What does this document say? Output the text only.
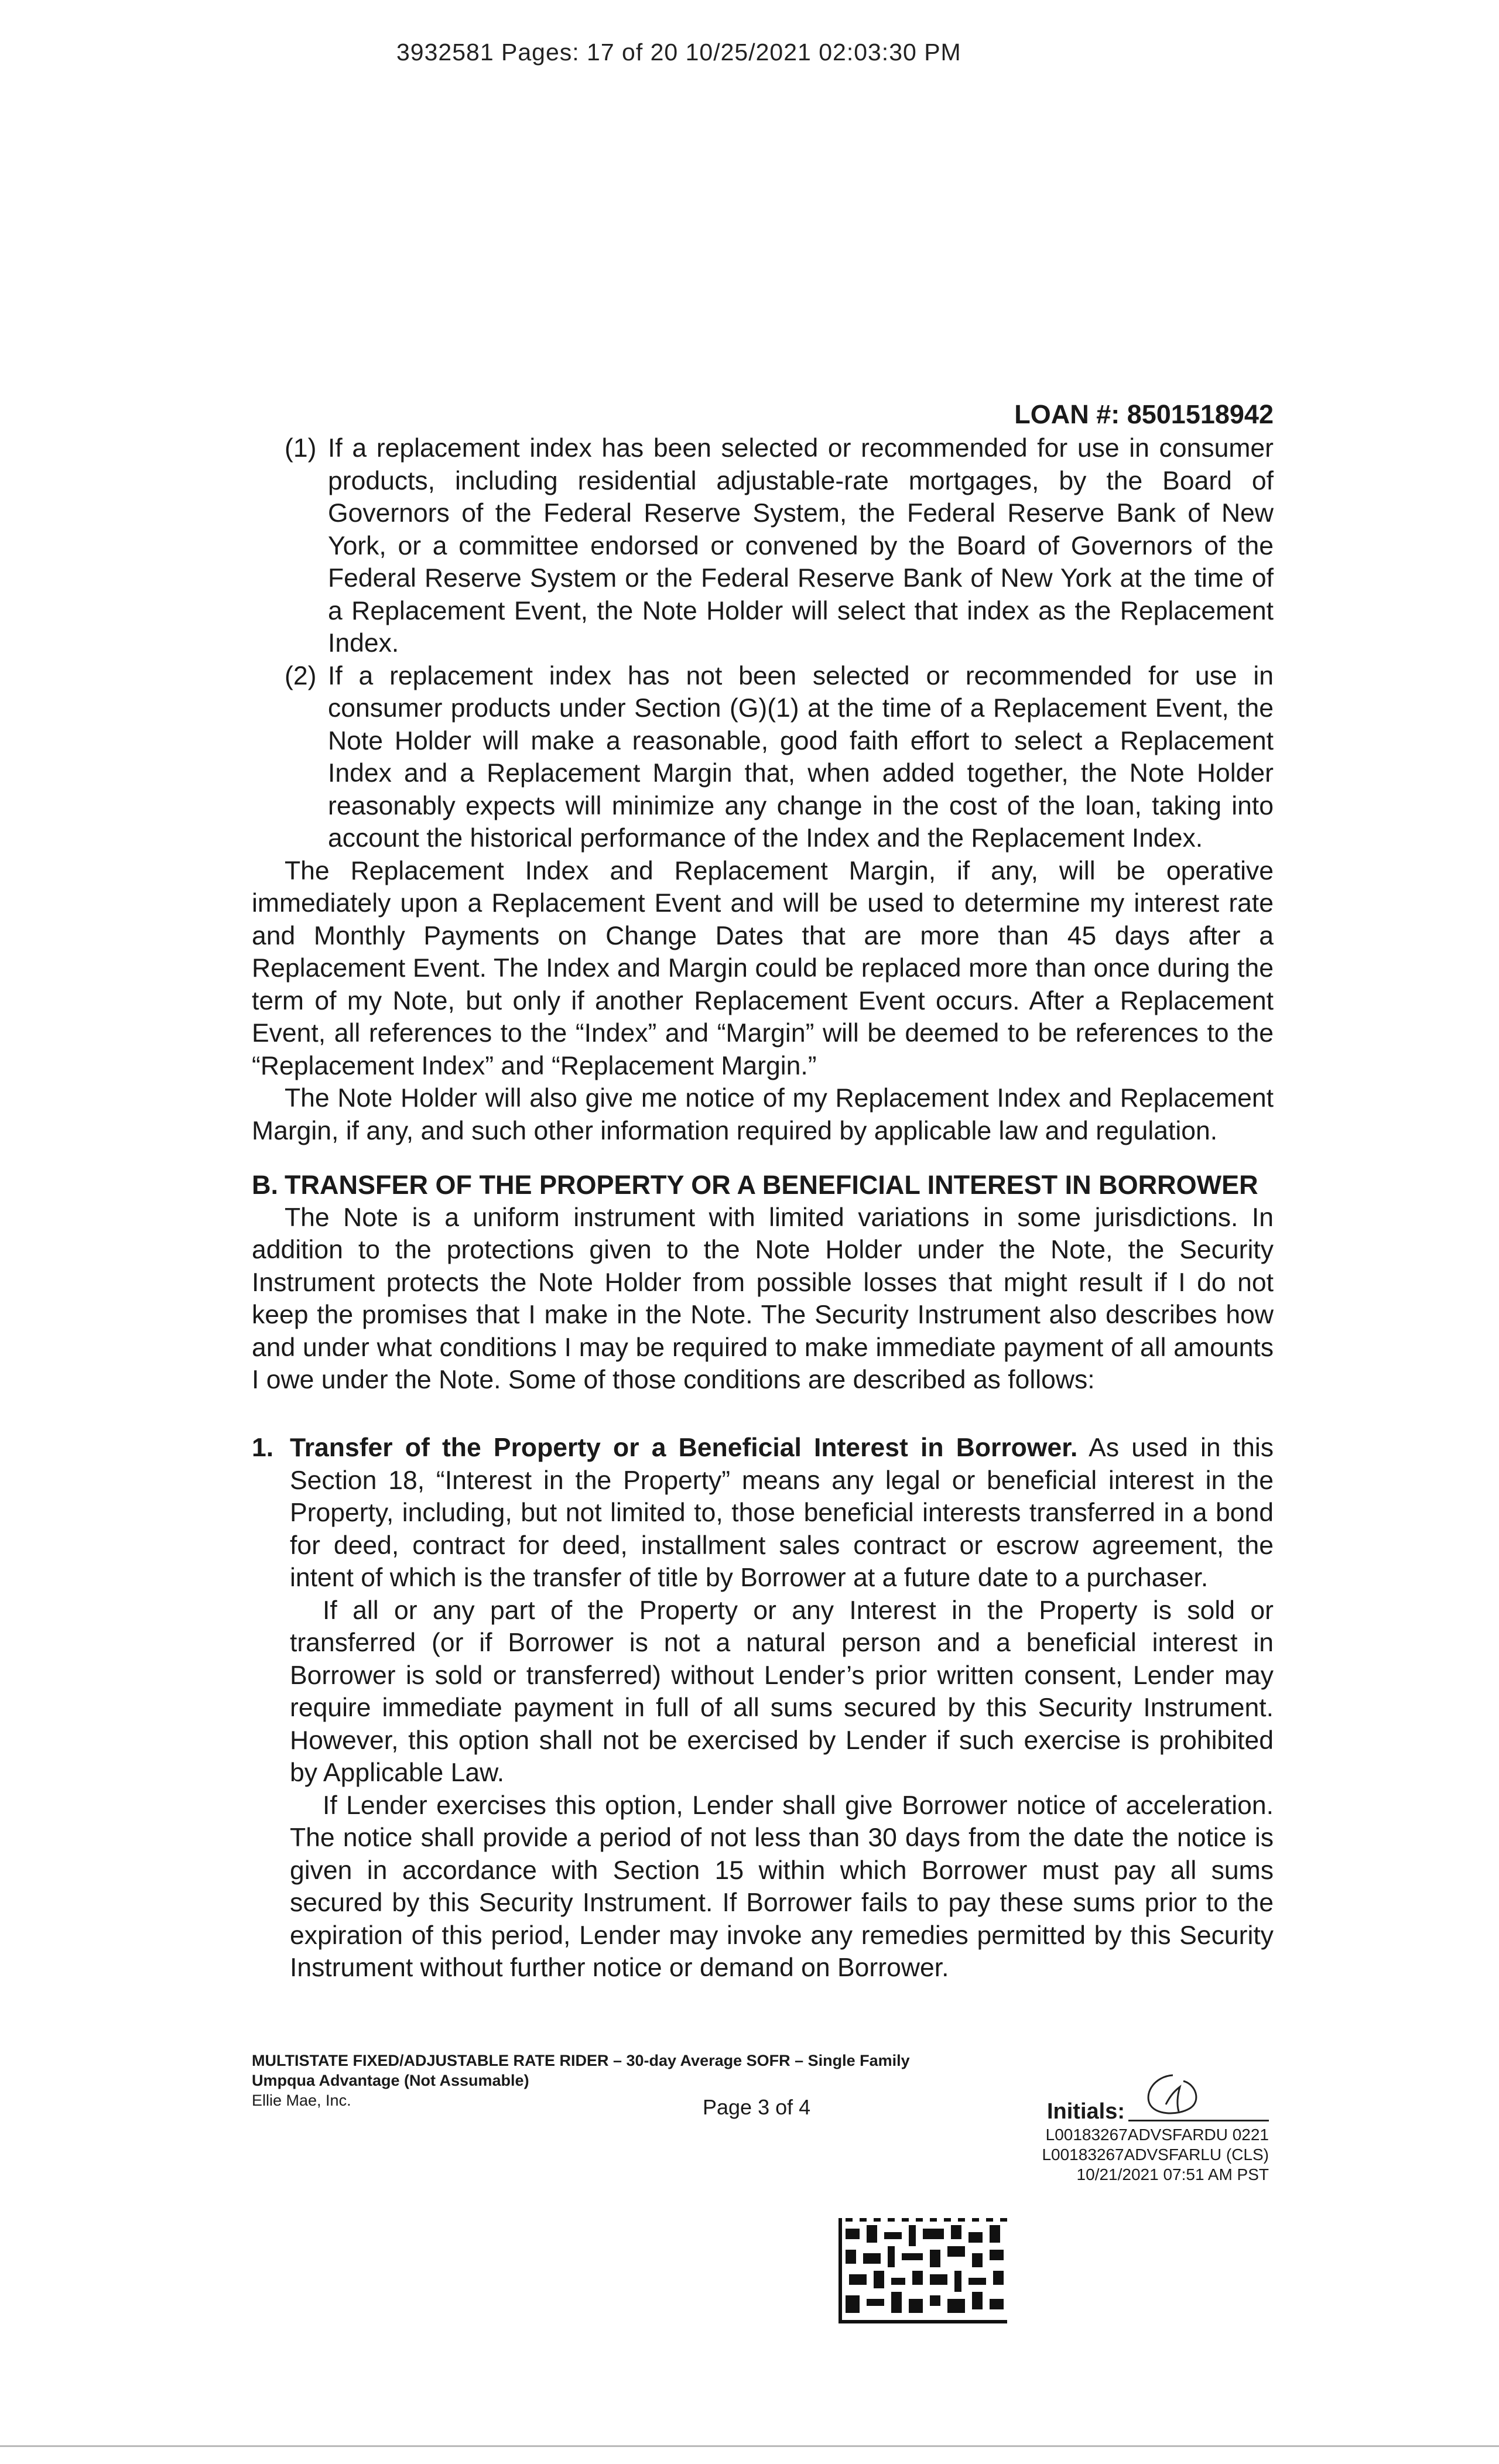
3932581 Pages: 17 of 20 10/25/2021 02:03:30 PM
LOAN #: 8501518942
(1) If a replacement index has been selected or recommended for use in consumer products, including residential adjustable-rate mortgages, by the Board of Governors of the Federal Reserve System, the Federal Reserve Bank of New York, or a committee endorsed or convened by the Board of Governors of the Federal Reserve System or the Federal Reserve Bank of New York at the time of a Replacement Event, the Note Holder will select that index as the Replacement Index.
(2) If a replacement index has not been selected or recommended for use in consumer products under Section (G)(1) at the time of a Replacement Event, the Note Holder will make a reasonable, good faith effort to select a Replacement Index and a Replacement Margin that, when added together, the Note Holder reasonably expects will minimize any change in the cost of the loan, taking into account the historical performance of the Index and the Replacement Index.
The Replacement Index and Replacement Margin, if any, will be operative immediately upon a Replacement Event and will be used to determine my interest rate and Monthly Payments on Change Dates that are more than 45 days after a Replacement Event. The Index and Margin could be replaced more than once during the term of my Note, but only if another Replacement Event occurs. After a Replacement Event, all references to the “Index” and “Margin” will be deemed to be references to the “Replacement Index” and “Replacement Margin.”
The Note Holder will also give me notice of my Replacement Index and Replacement Margin, if any, and such other information required by applicable law and regulation.
B. TRANSFER OF THE PROPERTY OR A BENEFICIAL INTEREST IN BORROWER
The Note is a uniform instrument with limited variations in some jurisdictions. In addition to the protections given to the Note Holder under the Note, the Security Instrument protects the Note Holder from possible losses that might result if I do not keep the promises that I make in the Note. The Security Instrument also describes how and under what conditions I may be required to make immediate payment of all amounts I owe under the Note. Some of those conditions are described as follows:
1. Transfer of the Property or a Beneficial Interest in Borrower. As used in this Section 18, “Interest in the Property” means any legal or beneficial interest in the Property, including, but not limited to, those beneficial interests transferred in a bond for deed, contract for deed, installment sales contract or escrow agreement, the intent of which is the transfer of title by Borrower at a future date to a purchaser.
If all or any part of the Property or any Interest in the Property is sold or transferred (or if Borrower is not a natural person and a beneficial interest in Borrower is sold or transferred) without Lender’s prior written consent, Lender may require immediate payment in full of all sums secured by this Security Instrument. However, this option shall not be exercised by Lender if such exercise is prohibited by Applicable Law.
If Lender exercises this option, Lender shall give Borrower notice of acceleration. The notice shall provide a period of not less than 30 days from the date the notice is given in accordance with Section 15 within which Borrower must pay all sums secured by this Security Instrument. If Borrower fails to pay these sums prior to the expiration of this period, Lender may invoke any remedies permitted by this Security Instrument without further notice or demand on Borrower.
MULTISTATE FIXED/ADJUSTABLE RATE RIDER – 30-day Average SOFR – Single Family
Umpqua Advantage (Not Assumable)
Ellie Mae, Inc.	Page 3 of 4	Initials:
L00183267ADVSFARDU 0221
L00183267ADVSFARLU (CLS)
10/21/2021 07:51 AM PST
